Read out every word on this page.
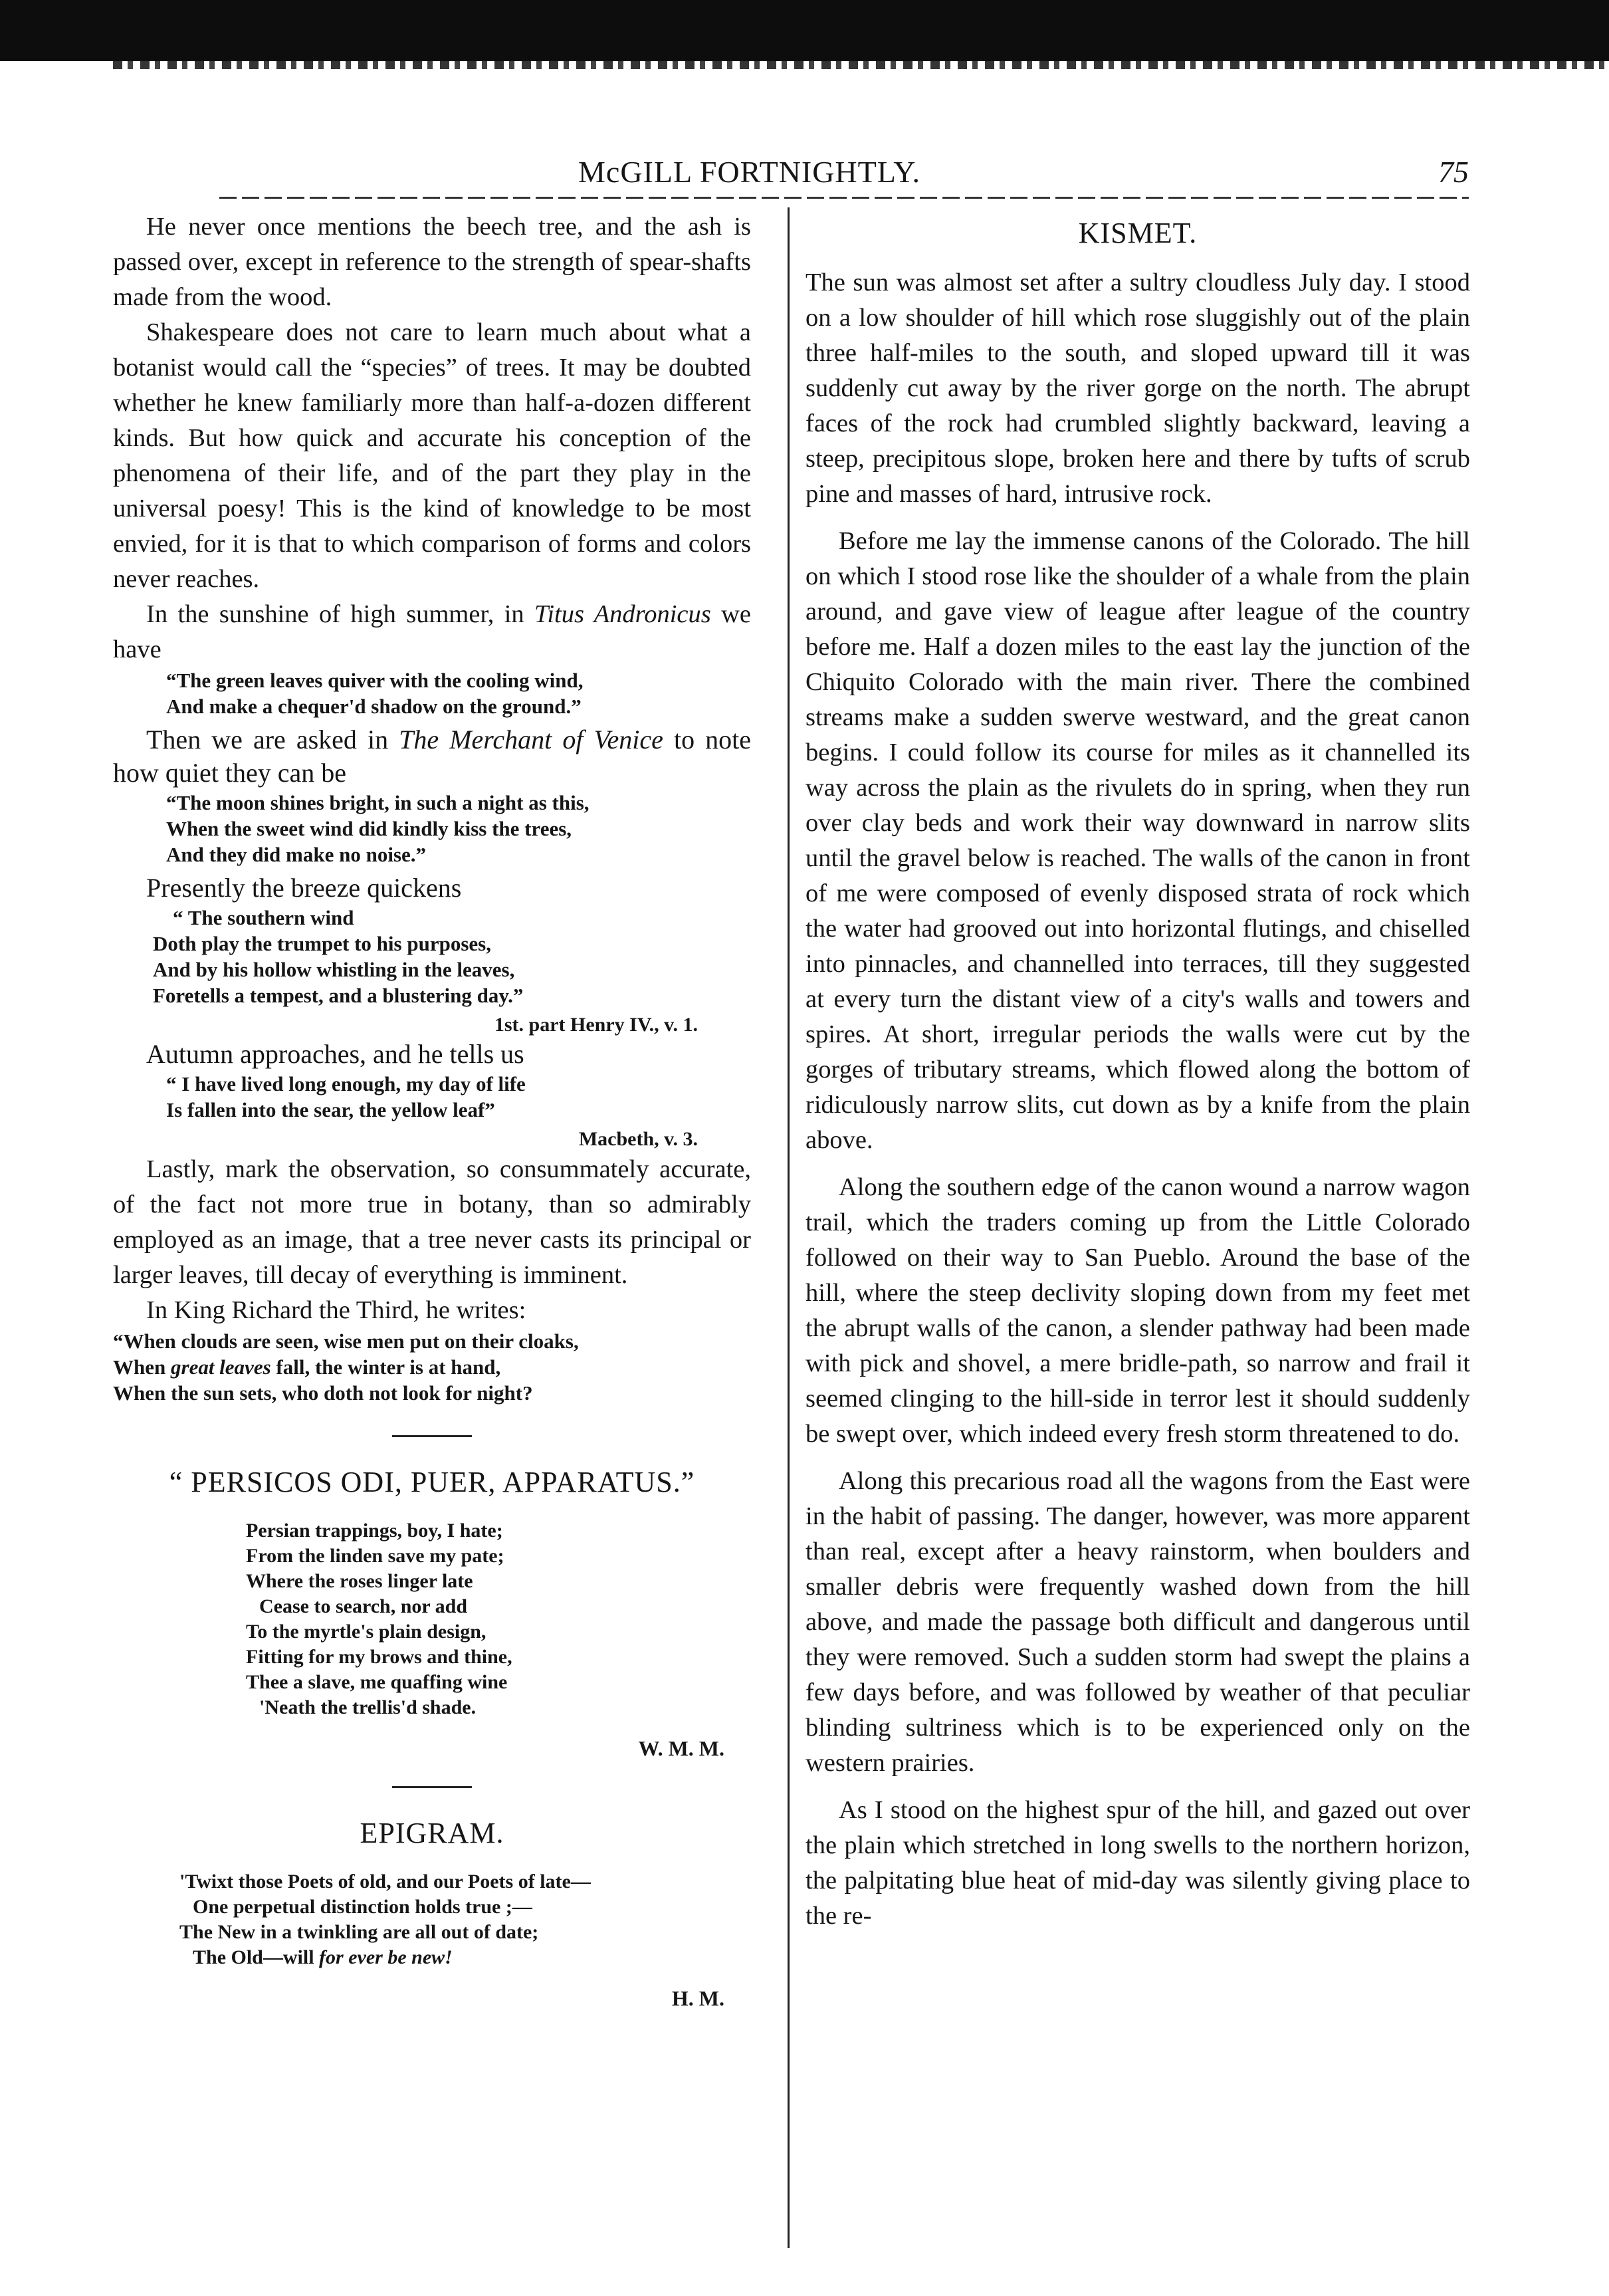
McGILL FORTNIGHTLY.	75

He never once mentions the beech tree, and the ash is passed over, except in reference to the strength of spear-shafts made from the wood.

Shakespeare does not care to learn much about what a botanist would call the “species” of trees. It may be doubted whether he knew familiarly more than half-a-dozen different kinds. But how quick and accurate his conception of the phenomena of their life, and of the part they play in the universal poesy! This is the kind of knowledge to be most envied, for it is that to which comparison of forms and colors never reaches.

In the sunshine of high summer, in Titus Andronicus we have

“The green leaves quiver with the cooling wind,
And make a chequer'd shadow on the ground.”

Then we are asked in The Merchant of Venice to note how quiet they can be

“The moon shines bright, in such a night as this,
When the sweet wind did kindly kiss the trees,
And they did make no noise.”

Presently the breeze quickens

“ The southern wind
Doth play the trumpet to his purposes,
And by his hollow whistling in the leaves,
Foretells a tempest, and a blustering day.”
1st. part Henry IV., v. 1.

Autumn approaches, and he tells us

“ I have lived long enough, my day of life
Is fallen into the sear, the yellow leaf”
Macbeth, v. 3.

Lastly, mark the observation, so consummately accurate, of the fact not more true in botany, than so admirably employed as an image, that a tree never casts its principal or larger leaves, till decay of everything is imminent.

In King Richard the Third, he writes:

“When clouds are seen, wise men put on their cloaks,
When great leaves fall, the winter is at hand,
When the sun sets, who doth not look for night?
“ PERSICOS ODI, PUER, APPARATUS.”
Persian trappings, boy, I hate;
From the linden save my pate;
Where the roses linger late
Cease to search, nor add
To the myrtle's plain design,
Fitting for my brows and thine,
Thee a slave, me quaffing wine
'Neath the trellis'd shade.
W. M. M.
EPIGRAM.
'Twixt those Poets of old, and our Poets of late—
One perpetual distinction holds true ;—
The New in a twinkling are all out of date;
The Old—will for ever be new!
H. M.
KISMET.

The sun was almost set after a sultry cloudless July day. I stood on a low shoulder of hill which rose sluggishly out of the plain three half-miles to the south, and sloped upward till it was suddenly cut away by the river gorge on the north. The abrupt faces of the rock had crumbled slightly backward, leaving a steep, precipitous slope, broken here and there by tufts of scrub pine and masses of hard, intrusive rock.

Before me lay the immense canons of the Colorado. The hill on which I stood rose like the shoulder of a whale from the plain around, and gave view of league after league of the country before me. Half a dozen miles to the east lay the junction of the Chiquito Colorado with the main river. There the combined streams make a sudden swerve westward, and the great canon begins. I could follow its course for miles as it channelled its way across the plain as the rivulets do in spring, when they run over clay beds and work their way downward in narrow slits until the gravel below is reached. The walls of the canon in front of me were composed of evenly disposed strata of rock which the water had grooved out into horizontal flutings, and chiselled into pinnacles, and channelled into terraces, till they suggested at every turn the distant view of a city's walls and towers and spires. At short, irregular periods the walls were cut by the gorges of tributary streams, which flowed along the bottom of ridiculously narrow slits, cut down as by a knife from the plain above.

Along the southern edge of the canon wound a narrow wagon trail, which the traders coming up from the Little Colorado followed on their way to San Pueblo. Around the base of the hill, where the steep declivity sloping down from my feet met the abrupt walls of the canon, a slender pathway had been made with pick and shovel, a mere bridle-path, so narrow and frail it seemed clinging to the hill-side in terror lest it should suddenly be swept over, which indeed every fresh storm threatened to do.

Along this precarious road all the wagons from the East were in the habit of passing. The danger, however, was more apparent than real, except after a heavy rainstorm, when boulders and smaller debris were frequently washed down from the hill above, and made the passage both difficult and dangerous until they were removed. Such a sudden storm had swept the plains a few days before, and was followed by weather of that peculiar blinding sultriness which is to be experienced only on the western prairies.

As I stood on the highest spur of the hill, and gazed out over the plain which stretched in long swells to the northern horizon, the palpitating blue heat of mid-day was silently giving place to the re-
